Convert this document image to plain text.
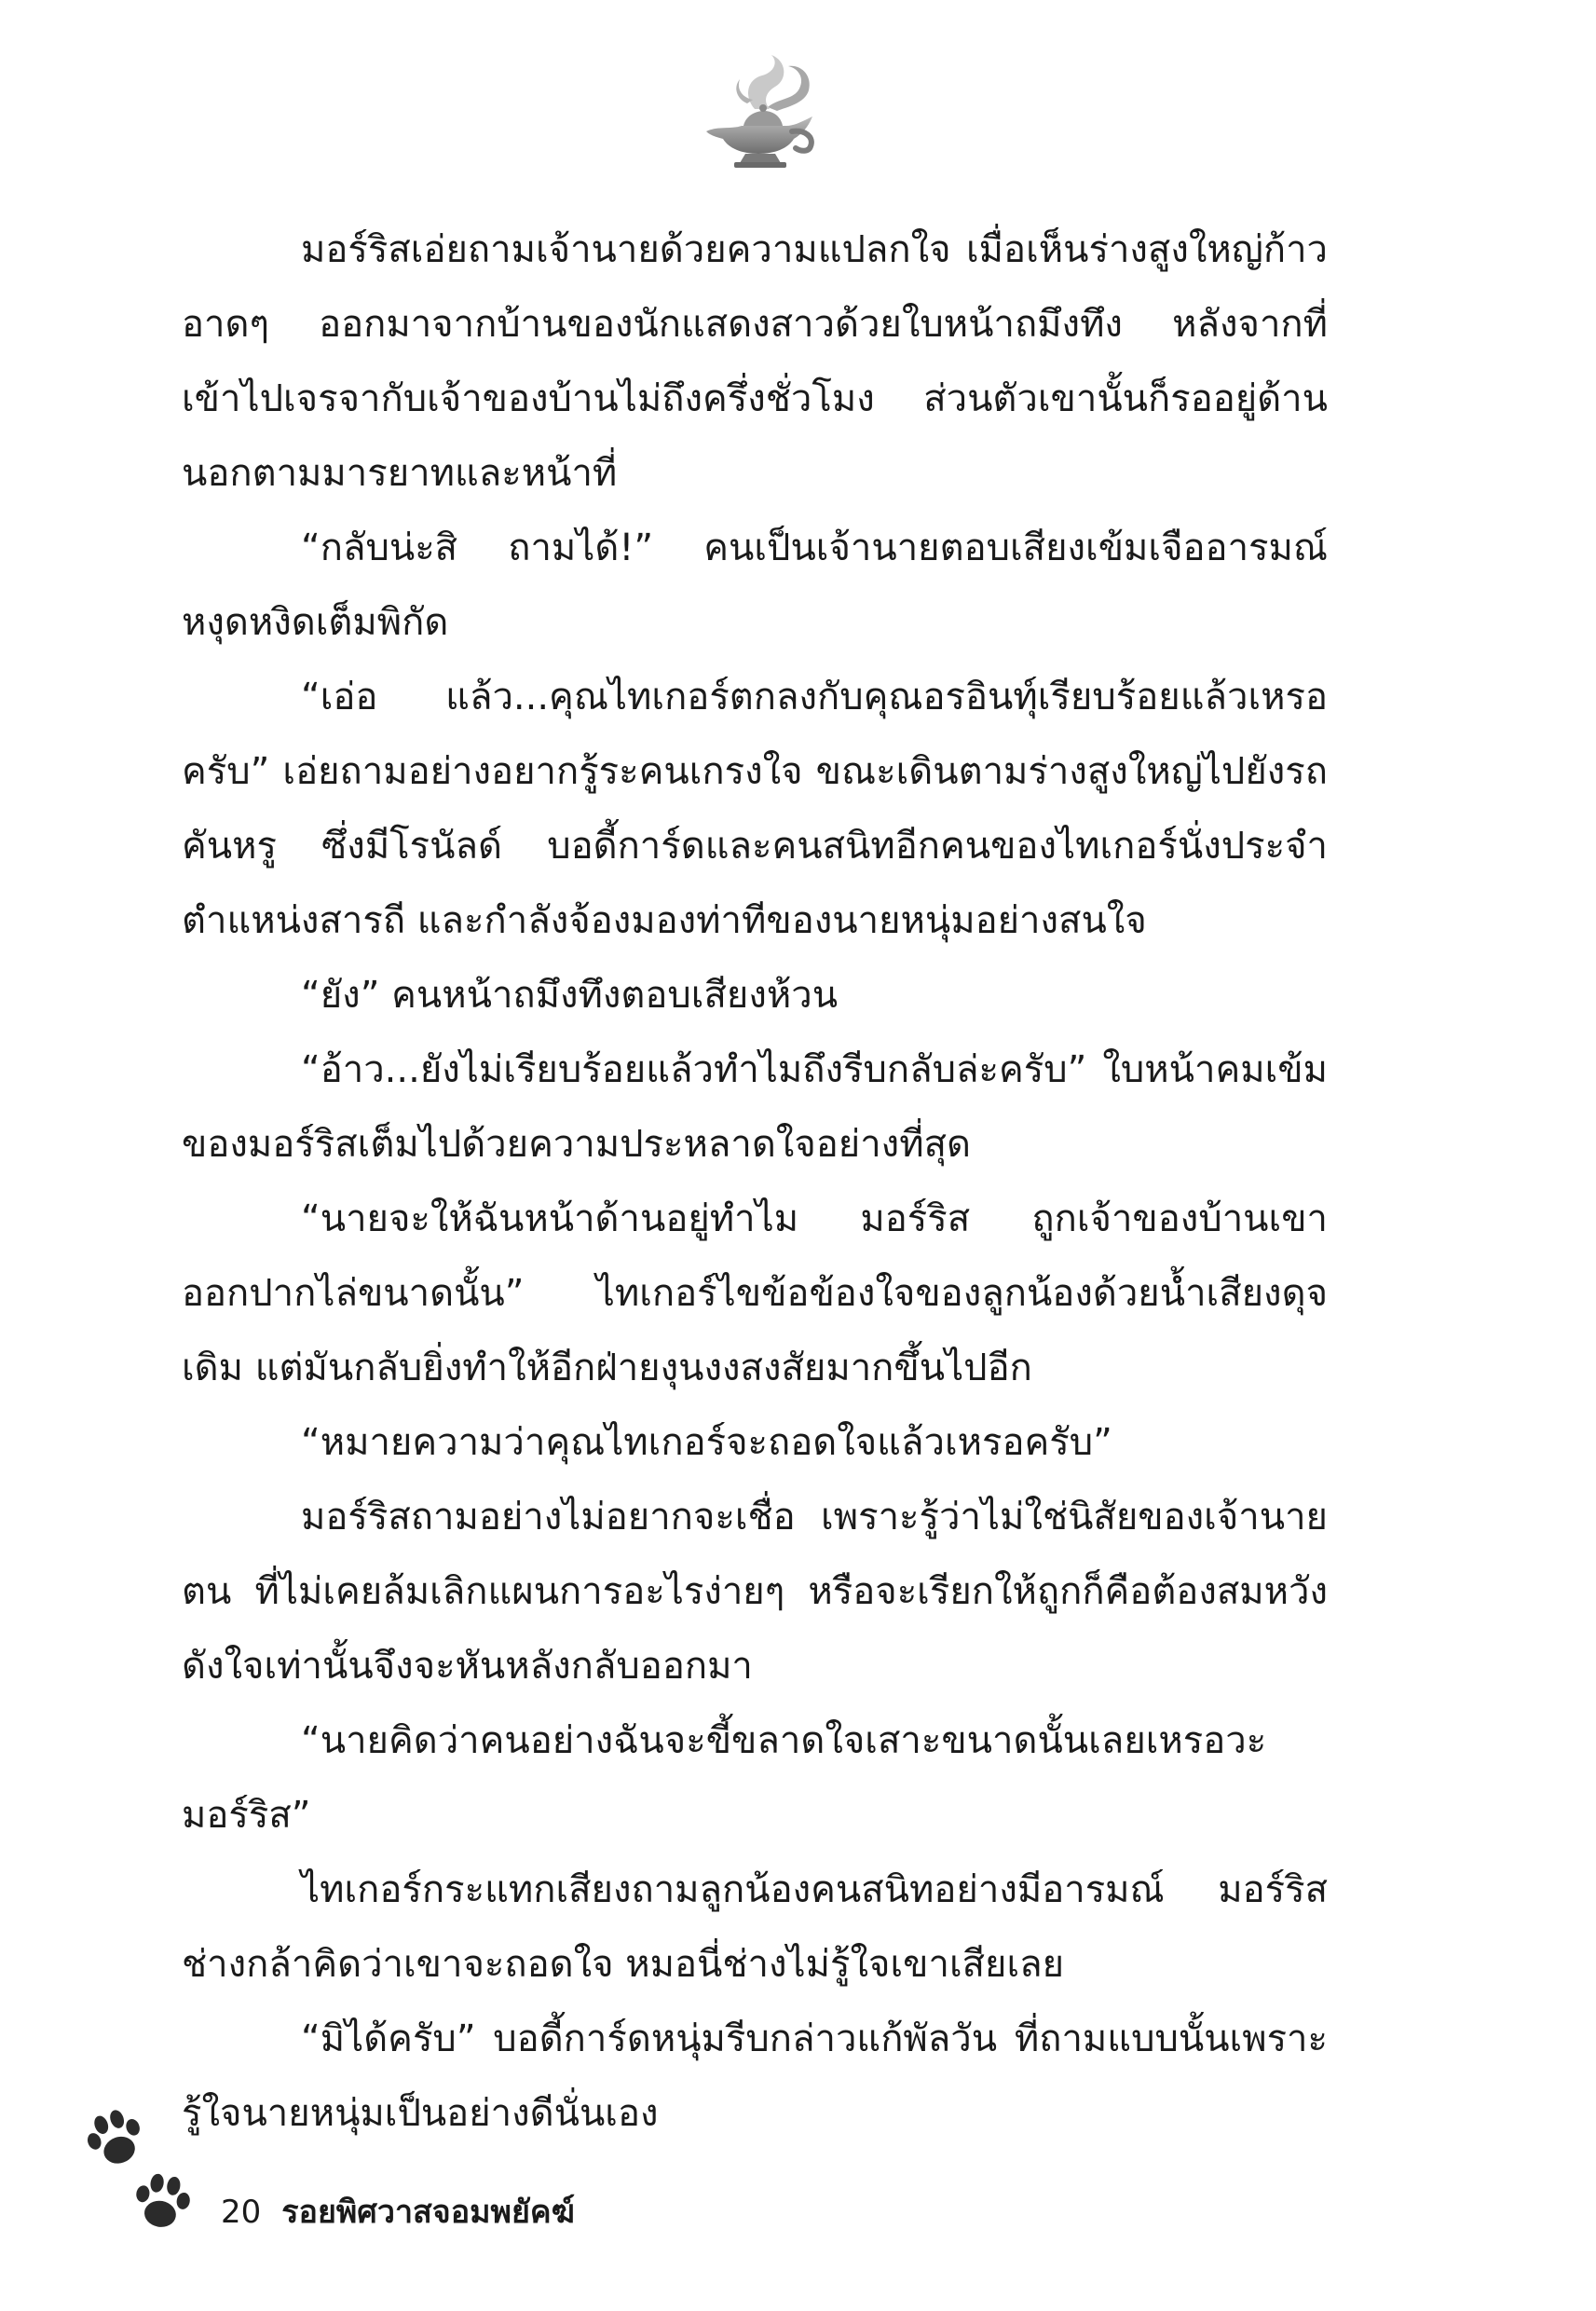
มอร์ริสเอ่ยถามเจ้านายด้วยความแปลกใจ เมื่อเห็นร่างสูงใหญ่ก้าวอาดๆ ออกมาจากบ้านของนักแสดงสาวด้วยใบหน้าถมึงทึง หลังจากที่เข้าไปเจรจากับเจ้าของบ้านไม่ถึงครึ่งชั่วโมง ส่วนตัวเขานั้นก็รออยู่ด้านนอกตามมารยาทและหน้าที่

“กลับน่ะสิ ถามได้!” คนเป็นเจ้านายตอบเสียงเข้มเจืออารมณ์หงุดหงิดเต็มพิกัด

“เอ่อ แล้ว...คุณไทเกอร์ตกลงกับคุณอรอินทุ์เรียบร้อยแล้วเหรอครับ” เอ่ยถามอย่างอยากรู้ระคนเกรงใจ ขณะเดินตามร่างสูงใหญ่ไปยังรถคันหรู ซึ่งมีโรนัลด์ บอดี้การ์ดและคนสนิทอีกคนของไทเกอร์นั่งประจำตำแหน่งสารถี และกำลังจ้องมองท่าทีของนายหนุ่มอย่างสนใจ

“ยัง” คนหน้าถมึงทึงตอบเสียงห้วน

“อ้าว...ยังไม่เรียบร้อยแล้วทำไมถึงรีบกลับล่ะครับ” ใบหน้าคมเข้มของมอร์ริสเต็มไปด้วยความประหลาดใจอย่างที่สุด

“นายจะให้ฉันหน้าด้านอยู่ทำไม มอร์ริส ถูกเจ้าของบ้านเขาออกปากไล่ขนาดนั้น” ไทเกอร์ไขข้อข้องใจของลูกน้องด้วยน้ำเสียงดุจเดิม แต่มันกลับยิ่งทำให้อีกฝ่ายงุนงงสงสัยมากขึ้นไปอีก

“หมายความว่าคุณไทเกอร์จะถอดใจแล้วเหรอครับ”

มอร์ริสถามอย่างไม่อยากจะเชื่อ เพราะรู้ว่าไม่ใช่นิสัยของเจ้านายตน ที่ไม่เคยล้มเลิกแผนการอะไรง่ายๆ หรือจะเรียกให้ถูกก็คือต้องสมหวังดังใจเท่านั้นจึงจะหันหลังกลับออกมา

“นายคิดว่าคนอย่างฉันจะขี้ขลาดใจเสาะขนาดนั้นเลยเหรอวะมอร์ริส”

ไทเกอร์กระแทกเสียงถามลูกน้องคนสนิทอย่างมีอารมณ์ มอร์ริสช่างกล้าคิดว่าเขาจะถอดใจ หมอนี่ช่างไม่รู้ใจเขาเสียเลย

“มิได้ครับ” บอดี้การ์ดหนุ่มรีบกล่าวแก้พัลวัน ที่ถามแบบนั้นเพราะรู้ใจนายหนุ่มเป็นอย่างดีนั่นเอง

20 รอยพิศวาสจอมพยัคฆ์
